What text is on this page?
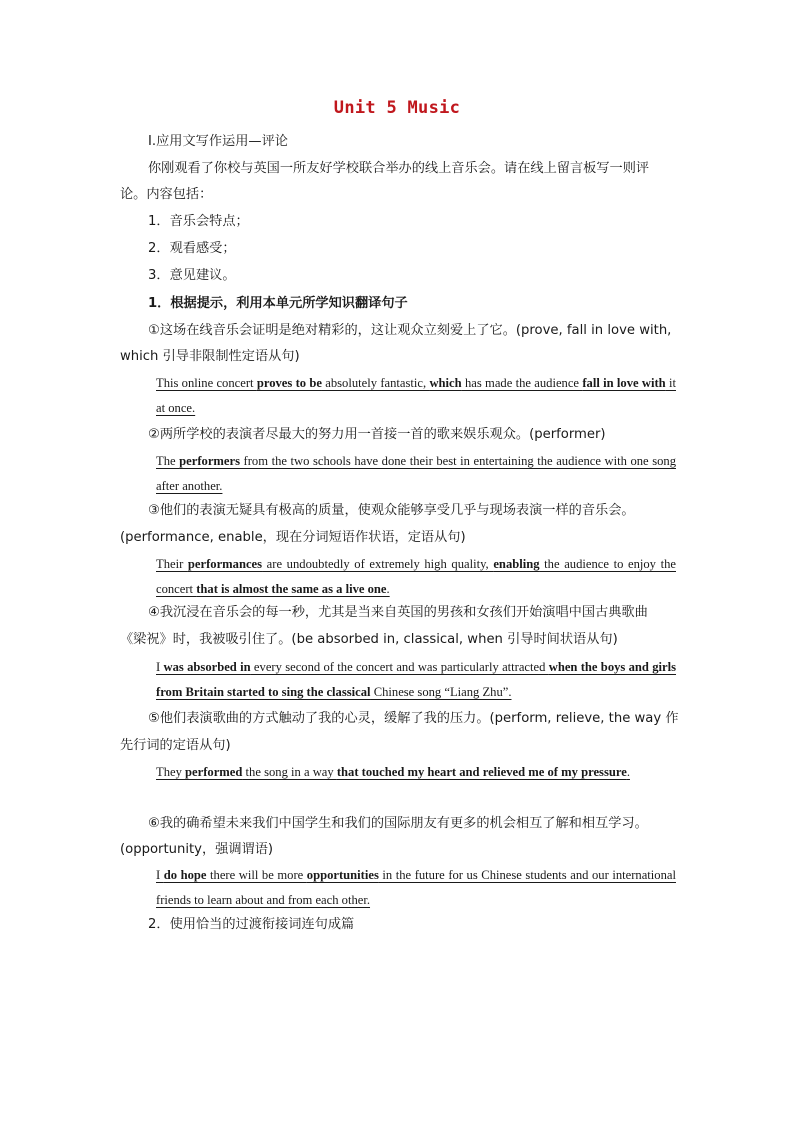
Unit 5 Music
Ⅰ.应用文写作运用—评论
你刚观看了你校与英国一所友好学校联合举办的线上音乐会。请在线上留言板写一则评
论。内容包括：
1．音乐会特点；
2．观看感受；
3．意见建议。
1．根据提示，利用本单元所学知识翻译句子
①这场在线音乐会证明是绝对精彩的，这让观众立刻爱上了它。(prove, fall in love with,
which 引导非限制性定语从句)

This online concert proves to be absolutely fantastic, which has made the audience fall in love with it at once.

②两所学校的表演者尽最大的努力用一首接一首的歌来娱乐观众。(performer)

The performers from the two schools have done their best in entertaining the audience with one song after another.

③他们的表演无疑具有极高的质量，使观众能够享受几乎与现场表演一样的音乐会。
(performance, enable，现在分词短语作状语，定语从句)

Their performances are undoubtedly of extremely high quality, enabling the audience to enjoy the concert that is almost the same as a live one.

④我沉浸在音乐会的每一秒，尤其是当来自英国的男孩和女孩们开始演唱中国古典歌曲
《梁祝》时，我被吸引住了。(be absorbed in, classical, when 引导时间状语从句)

I was absorbed in every second of the concert and was particularly attracted when the boys and girls from Britain started to sing the classical Chinese song “Liang Zhu”.

⑤他们表演歌曲的方式触动了我的心灵，缓解了我的压力。(perform, relieve, the way 作
先行词的定语从句)

They performed the song in a way that touched my heart and relieved me of my pressure.

⑥我的确希望未来我们中国学生和我们的国际朋友有更多的机会相互了解和相互学习。
(opportunity，强调谓语)

I do hope there will be more opportunities in the future for us Chinese students and our international friends to learn about and from each other.

2．使用恰当的过渡衔接词连句成篇
